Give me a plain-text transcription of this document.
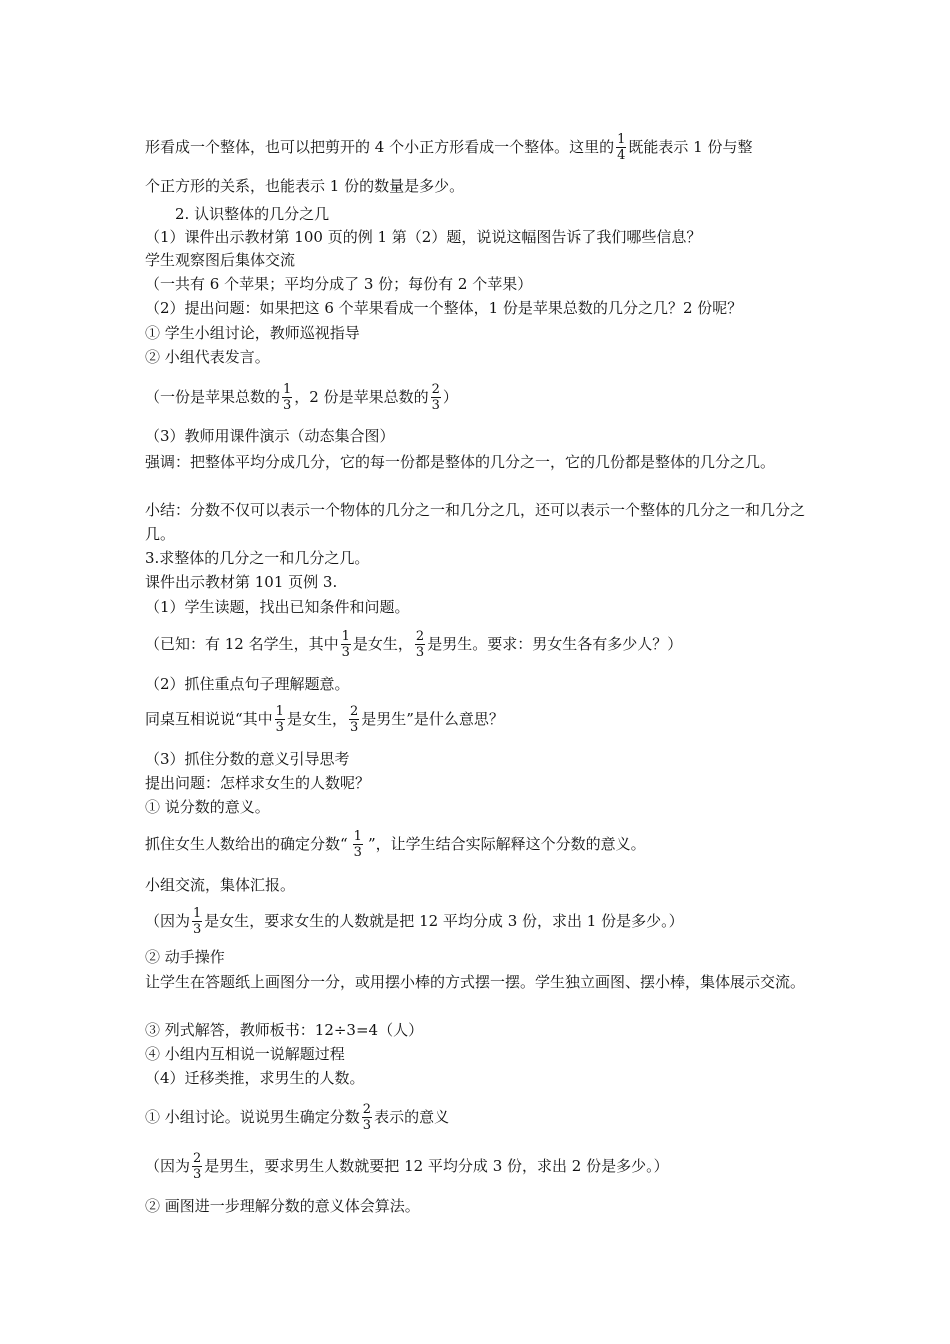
形看成一个整体，也可以把剪开的 4 个小正方形看成一个整体。这里的 $\frac{1}{4}$ 既能表示 1 份与整
个正方形的关系，也能表示 1 份的数量是多少。
2. 认识整体的几分之几
（1）课件出示教材第 100 页的例 1 第（2）题，说说这幅图告诉了我们哪些信息？
学生观察图后集体交流
（一共有 6 个苹果；平均分成了 3 份；每份有 2 个苹果）
（2）提出问题：如果把这 6 个苹果看成一个整体，1 份是苹果总数的几分之几？2 份呢？
① 学生小组讨论，教师巡视指导
② 小组代表发言。
（一份是苹果总数的 $\frac{1}{3}$ ，2 份是苹果总数的 $\frac{2}{3}$ ）
（3）教师用课件演示（动态集合图）
强调：把整体平均分成几分，它的每一份都是整体的几分之一，它的几份都是整体的几分之几。
小结：分数不仅可以表示一个物体的几分之一和几分之几，还可以表示一个整体的几分之一和几分之几。
3.求整体的几分之一和几分之几。
课件出示教材第 101 页例 3.
（1）学生读题，找出已知条件和问题。
（已知：有 12 名学生，其中 $\frac{1}{3}$ 是女生， $\frac{2}{3}$ 是男生。要求：男女生各有多少人？）
（2）抓住重点句子理解题意。
同桌互相说说“其中 $\frac{1}{3}$ 是女生， $\frac{2}{3}$ 是男生”是什么意思？
（3）抓住分数的意义引导思考
提出问题：怎样求女生的人数呢？
① 说分数的意义。
抓住女生人数给出的确定分数“ $\frac{1}{3}$ ”，让学生结合实际解释这个分数的意义。
小组交流，集体汇报。
（因为 $\frac{1}{3}$ 是女生，要求女生的人数就是把 12 平均分成 3 份，求出 1 份是多少。）
② 动手操作
让学生在答题纸上画图分一分，或用摆小棒的方式摆一摆。学生独立画图、摆小棒，集体展示交流。
③ 列式解答，教师板书：12÷3=4（人）
④ 小组内互相说一说解题过程
（4）迁移类推，求男生的人数。
① 小组讨论。说说男生确定分数 $\frac{2}{3}$ 表示的意义
（因为 $\frac{2}{3}$ 是男生，要求男生人数就要把 12 平均分成 3 份，求出 2 份是多少。）
② 画图进一步理解分数的意义体会算法。
